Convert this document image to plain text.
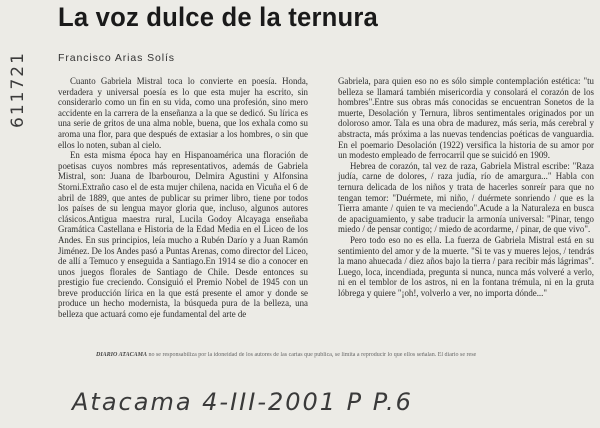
611721
La voz dulce de la ternura
Francisco Arias Solís

Cuanto Gabriela Mistral toca lo convierte en poesía. Honda, verdadera y universal poesía es lo que esta mujer ha escrito, sin considerarlo como un fin en su vida, como una profesión, sino mero accidente en la carrera de la enseñanza a la que se dedicó. Su lírica es una serie de gritos de una alma noble, buena, que los exhala como su aroma una flor, para que después de extasiar a los hombres, o sin que ellos lo noten, suban al cielo.

En esta misma época hay en Hispanoamérica una floración de poetisas cuyos nombres más representativos, además de Gabriela Mistral, son: Juana de Ibarbourou, Delmira Agustini y Alfonsina Storni.Extraño caso el de esta mujer chilena, nacida en Vicuña el 6 de abril de 1889, que antes de publicar su primer libro, tiene por todos los países de su lengua mayor gloria que, incluso, algunos autores clásicos.Antigua maestra rural, Lucila Godoy Alcayaga enseñaba Gramática Castellana e Historia de la Edad Media en el Liceo de los Andes. En sus principios, leía mucho a Rubén Darío y a Juan Ramón Jiménez. De los Andes pasó a Puntas Arenas, como director del Liceo, de allí a Temuco y enseguida a Santiago.En 1914 se dio a conocer en unos juegos florales de Santiago de Chile. Desde entonces su prestigio fue creciendo. Consiguió el Premio Nobel de 1945 con un breve producción lírica en la que está presente el amor y donde se produce un hecho modernista, la búsqueda pura de la belleza, una belleza que actuará como eje fundamental del arte de

Gabriela, para quien eso no es sólo simple contemplación estética: "tu belleza se llamará también misericordia y consolará el corazón de los hombres".Entre sus obras más conocidas se encuentran Sonetos de la muerte, Desolación y Ternura, libros sentimentales originados por un doloroso amor. Tala es una obra de madurez, más seria, más cerebral y abstracta, más próxima a las nuevas tendencias poéticas de vanguardia. En el poemario Desolación (1922) versifica la historia de su amor por un modesto empleado de ferrocarril que se suicidó en 1909.

Hebrea de corazón, tal vez de raza, Gabriela Mistral escribe: "Raza judía, carne de dolores, / raza judía, río de amargura..." Habla con ternura delicada de los niños y trata de hacerles sonreír para que no tengan temor: "Duérmete, mi niño, / duérmete sonriendo / que es la Tierra amante / quien te va meciendo".Acude a la Naturaleza en busca de apaciguamiento, y sabe traducir la armonía universal: "Pinar, tengo miedo / de pensar contigo; / miedo de acordarme, / pinar, de que vivo".

Pero todo eso no es ella. La fuerza de Gabriela Mistral está en su sentimiento del amor y de la muerte. "Si te vas y mueres lejos, / tendrás la mano ahuecada / diez años bajo la tierra / para recibir más lágrimas". Luego, loca, incendiada, pregunta si nunca, nunca más volveré a verlo, ni en el temblor de los astros, ni en la fontana trémula, ni en la gruta lóbrega y quiere "¡oh!, volverlo a ver, no importa dónde..."

DIARIO ATACAMA no se responsabiliza por la idoneidad de los autores de las cartas que publica, se limita a reproducir lo que ellos señalan. El diario se rese
Atacama 4-III-2001 P P.6
